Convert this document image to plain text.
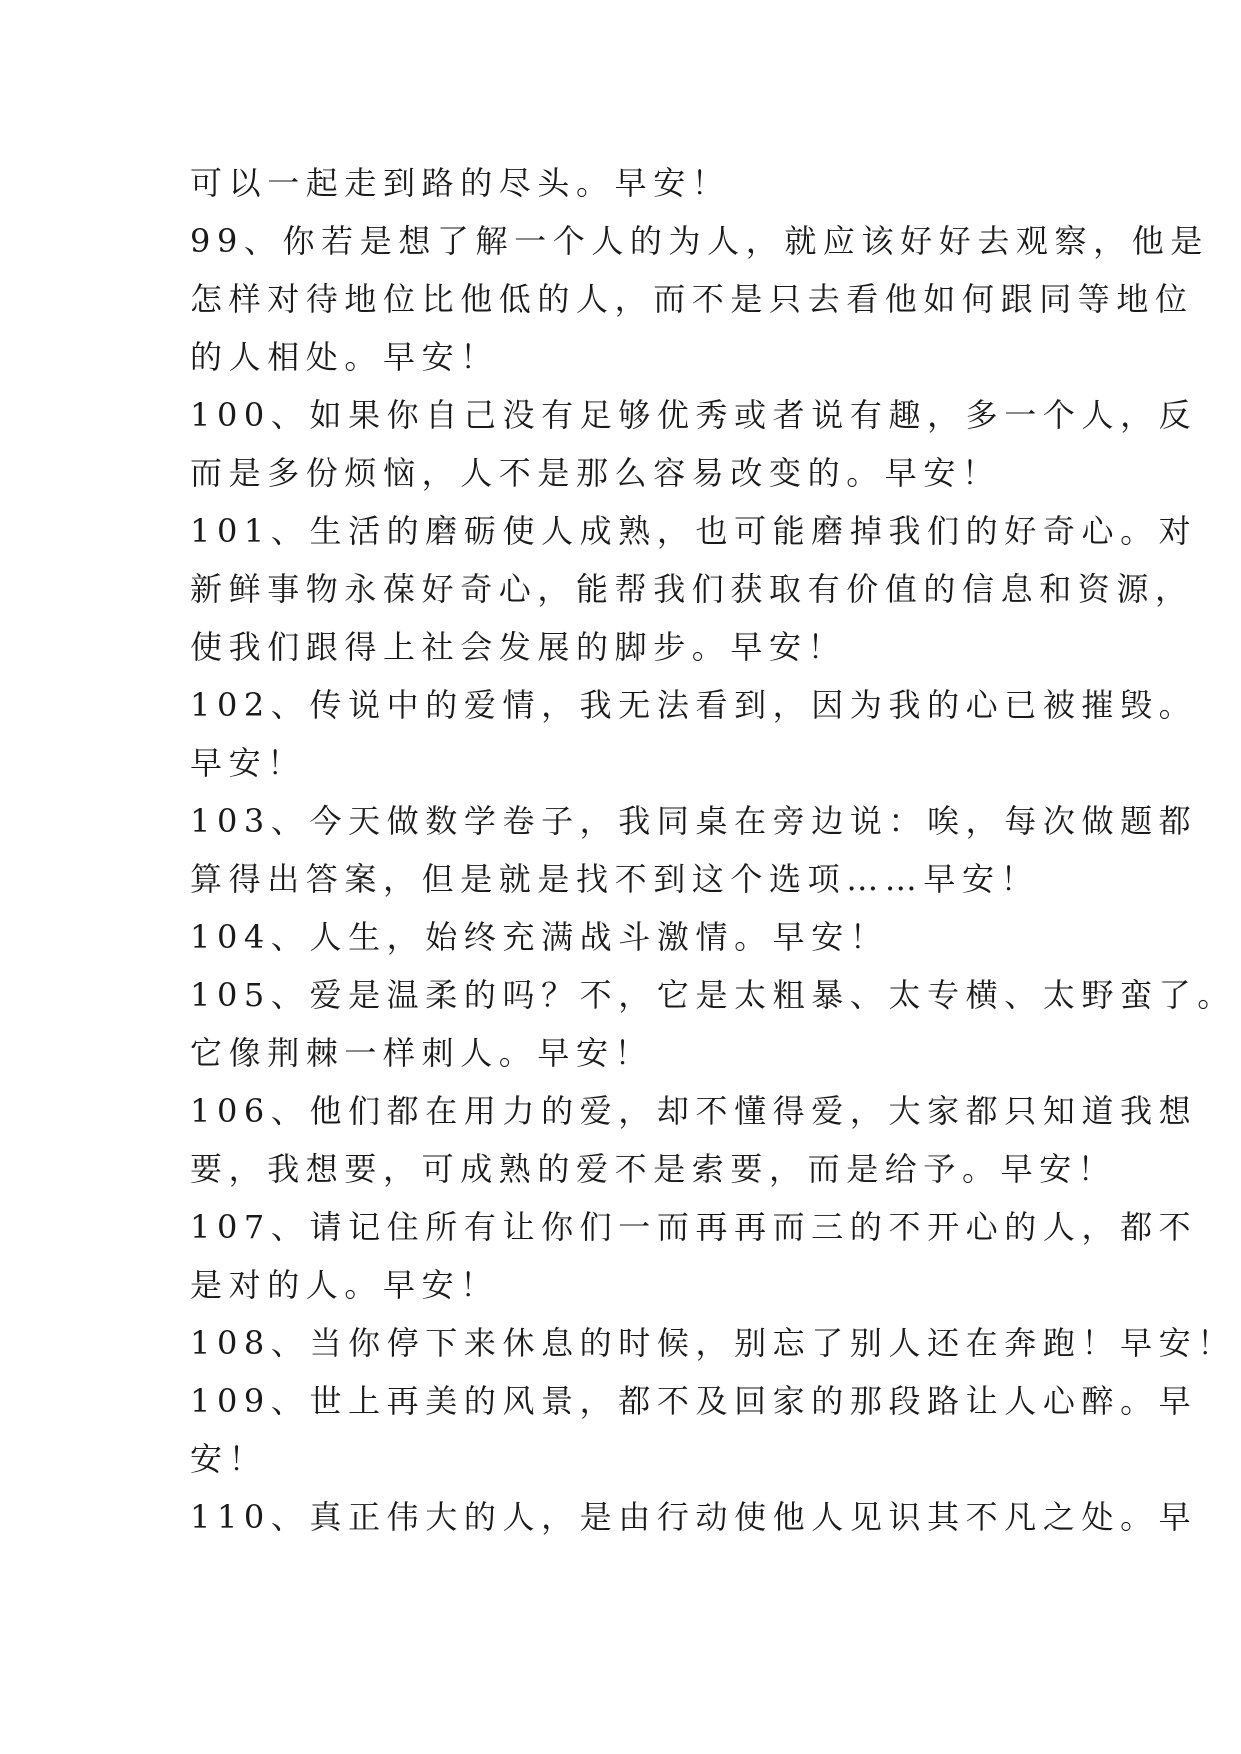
可以一起走到路的尽头。早安！
99、你若是想了解一个人的为人，就应该好好去观察，他是
怎样对待地位比他低的人，而不是只去看他如何跟同等地位
的人相处。早安！
100、如果你自己没有足够优秀或者说有趣，多一个人，反
而是多份烦恼，人不是那么容易改变的。早安！
101、生活的磨砺使人成熟，也可能磨掉我们的好奇心。对
新鲜事物永葆好奇心，能帮我们获取有价值的信息和资源，
使我们跟得上社会发展的脚步。早安！
102、传说中的爱情，我无法看到，因为我的心已被摧毁。
早安！
103、今天做数学卷子，我同桌在旁边说：唉，每次做题都
算得出答案，但是就是找不到这个选项……早安！
104、人生，始终充满战斗激情。早安！
105、爱是温柔的吗？不，它是太粗暴、太专横、太野蛮了。
它像荆棘一样刺人。早安！
106、他们都在用力的爱，却不懂得爱，大家都只知道我想
要，我想要，可成熟的爱不是索要，而是给予。早安！
107、请记住所有让你们一而再再而三的不开心的人，都不
是对的人。早安！
108、当你停下来休息的时候，别忘了别人还在奔跑！早安！
109、世上再美的风景，都不及回家的那段路让人心醉。早
安！
110、真正伟大的人，是由行动使他人见识其不凡之处。早
